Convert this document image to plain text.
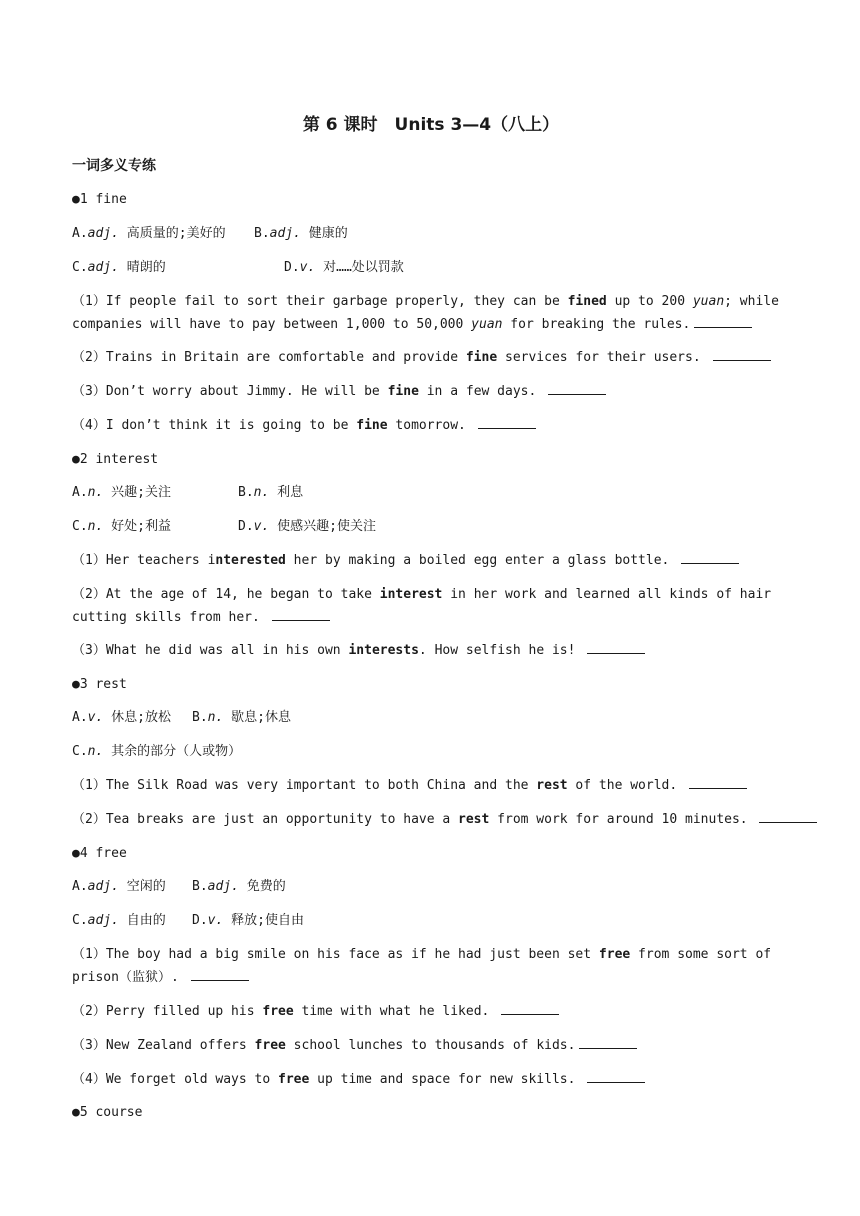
第 6 课时　Units 3—4（八上）
一词多义专练
●1 fine
A.adj. 高质量的;美好的 B.adj. 健康的
C.adj. 晴朗的	D.v. 对……处以罚款
（1）If people fail to sort their garbage properly, they can be fined up to 200 yuan; while companies will have to pay between 1,000 to 50,000 yuan for breaking the rules.
（2）Trains in Britain are comfortable and provide fine services for their users.
（3）Don’t worry about Jimmy. He will be fine in a few days.
（4）I don’t think it is going to be fine tomorrow.
●2 interest
A.n. 兴趣;关注	B.n. 利息
C.n. 好处;利益	D.v. 使感兴趣;使关注
（1）Her teachers interested her by making a boiled egg enter a glass bottle.
（2）At the age of 14, he began to take interest in her work and learned all kinds of hair cutting skills from her.
（3）What he did was all in his own interests. How selfish he is!
●3 rest
A.v. 休息;放松 B.n. 歇息;休息
C.n. 其余的部分（人或物）
（1）The Silk Road was very important to both China and the rest of the world.
（2）Tea breaks are just an opportunity to have a rest from work for around 10 minutes.
●4 free
A.adj. 空闲的 B.adj. 免费的
C.adj. 自由的 D.v. 释放;使自由
（1）The boy had a big smile on his face as if he had just been set free from some sort of prison（监狱）.
（2）Perry filled up his free time with what he liked.
（3）New Zealand offers free school lunches to thousands of kids.
（4）We forget old ways to free up time and space for new skills.
●5 course
